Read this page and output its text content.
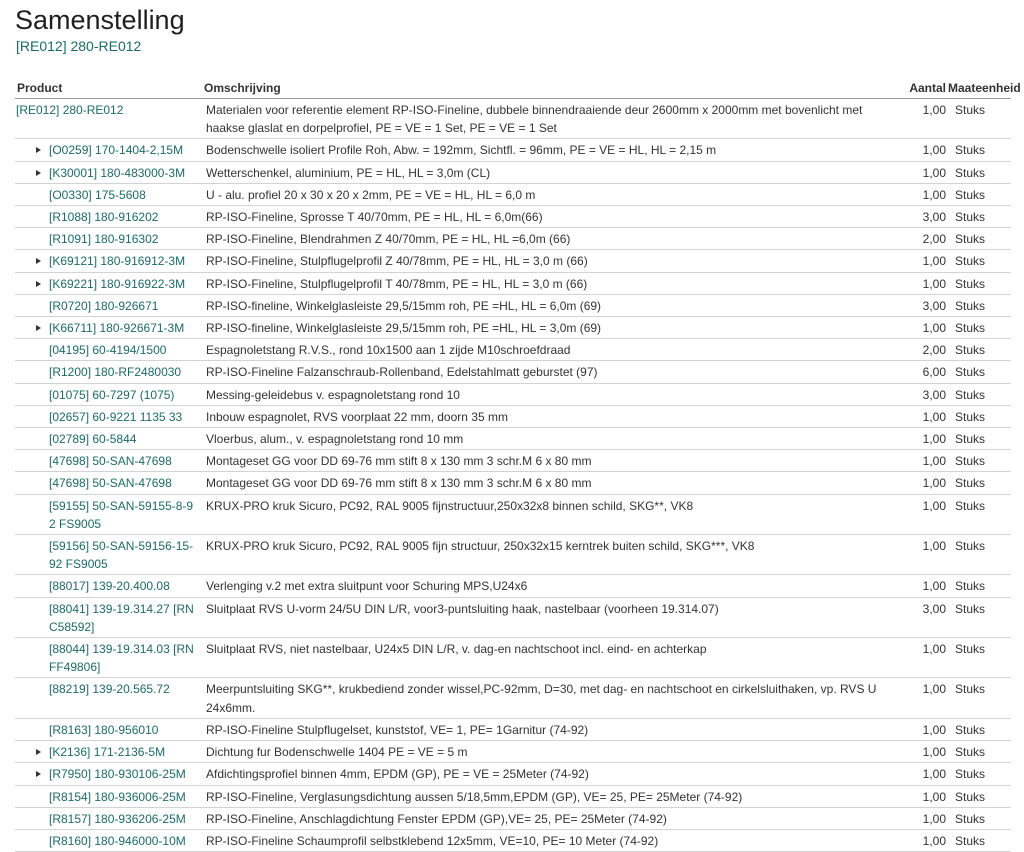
Samenstelling
[RE012] 280-RE012
Product	Omschrijving	Aantal	Maateenheid
[RE012] 280-RE012	Materialen voor referentie element RP-ISO-Fineline, dubbele binnendraaiende deur 2600mm x 2000mm met bovenlicht met haakse glaslat en dorpelprofiel, PE = VE = 1 Set, PE = VE = 1 Set	1,00	Stuks

[O0259] 170-1404-2,15M	Bodenschwelle isoliert Profile Roh, Abw. = 192mm, Sichtfl. = 96mm, PE = VE = HL, HL = 2,15 m	1,00	Stuks

[K30001] 180-483000-3M	Wetterschenkel, aluminium, PE = HL, HL = 3,0m (CL)	1,00	Stuks
[O0330] 175-5608	U - alu. profiel 20 x 30 x 20 x 2mm, PE = VE = HL, HL = 6,0 m	1,00	Stuks
[R1088] 180-916202	RP-ISO-Fineline, Sprosse T 40/70mm, PE = HL, HL = 6,0m(66)	3,00	Stuks
[R1091] 180-916302	RP-ISO-Fineline, Blendrahmen Z 40/70mm, PE = HL, HL =6,0m (66)	2,00	Stuks

[K69121] 180-916912-3M	RP-ISO-Fineline, Stulpflugelprofil Z 40/78mm, PE = HL, HL = 3,0 m (66)	1,00	Stuks

[K69221] 180-916922-3M	RP-ISO-Fineline, Stulpflugelprofil T 40/78mm, PE = HL, HL = 3,0 m (66)	1,00	Stuks
[R0720] 180-926671	RP-ISO-fineline, Winkelglasleiste 29,5/15mm roh, PE =HL, HL = 6,0m (69)	3,00	Stuks

[K66711] 180-926671-3M	RP-ISO-fineline, Winkelglasleiste 29,5/15mm roh, PE =HL, HL = 3,0m (69)	1,00	Stuks
[04195] 60-4194/1500	Espagnoletstang R.V.S., rond 10x1500 aan 1 zijde M10schroefdraad	2,00	Stuks
[R1200] 180-RF2480030	RP-ISO-Fineline Falzanschraub-Rollenband, Edelstahlmatt geburstet (97)	6,00	Stuks
[01075] 60-7297 (1075)	Messing-geleidebus v. espagnoletstang rond 10	3,00	Stuks
[02657] 60-9221 1135 33	Inbouw espagnolet, RVS voorplaat 22 mm, doorn 35 mm	1,00	Stuks
[02789] 60-5844	Vloerbus, alum., v. espagnoletstang rond 10 mm	1,00	Stuks
[47698] 50-SAN-47698	Montageset GG voor DD 69-76 mm stift 8 x 130 mm 3 schr.M 6 x 80 mm	1,00	Stuks
[47698] 50-SAN-47698	Montageset GG voor DD 69-76 mm stift 8 x 130 mm 3 schr.M 6 x 80 mm	1,00	Stuks
[59155] 50-SAN-59155-8-92 FS9005	KRUX-PRO kruk Sicuro, PC92, RAL 9005 fijnstructuur,250x32x8 binnen schild, SKG**, VK8	1,00	Stuks
[59156] 50-SAN-59156-15-92 FS9005	KRUX-PRO kruk Sicuro, PC92, RAL 9005 fijn structuur, 250x32x15 kerntrek buiten schild, SKG***, VK8	1,00	Stuks
[88017] 139-20.400.08	Verlenging v.2 met extra sluitpunt voor Schuring MPS,U24x6	1,00	Stuks
[88041] 139-19.314.27 [RNC58592]	Sluitplaat RVS U-vorm 24/5U DIN L/R, voor3-puntsluiting haak, nastelbaar (voorheen 19.314.07)	3,00	Stuks
[88044] 139-19.314.03 [RNFF49806]	Sluitplaat RVS, niet nastelbaar, U24x5 DIN L/R, v. dag-en nachtschoot incl. eind- en achterkap	1,00	Stuks
[88219] 139-20.565.72	Meerpuntsluiting SKG**, krukbediend zonder wissel,PC-92mm, D=30, met dag- en nachtschoot en cirkelsluithaken, vp. RVS U 24x6mm.	1,00	Stuks
[R8163] 180-956010	RP-ISO-Fineline Stulpflugelset, kunststof, VE= 1, PE= 1Garnitur (74-92)	1,00	Stuks

[K2136] 171-2136-5M	Dichtung fur Bodenschwelle 1404 PE = VE = 5 m	1,00	Stuks

[R7950] 180-930106-25M	Afdichtingsprofiel binnen 4mm, EPDM (GP), PE = VE = 25Meter (74-92)	1,00	Stuks
[R8154] 180-936006-25M	RP-ISO-Fineline, Verglasungsdichtung aussen 5/18,5mm,EPDM (GP), VE= 25, PE= 25Meter (74-92)	1,00	Stuks
[R8157] 180-936206-25M	RP-ISO-Fineline, Anschlagdichtung Fenster EPDM (GP),VE= 25, PE= 25Meter (74-92)	1,00	Stuks
[R8160] 180-946000-10M	RP-ISO-Fineline Schaumprofil selbstklebend 12x5mm, VE=10, PE= 10 Meter (74-92)	1,00	Stuks
